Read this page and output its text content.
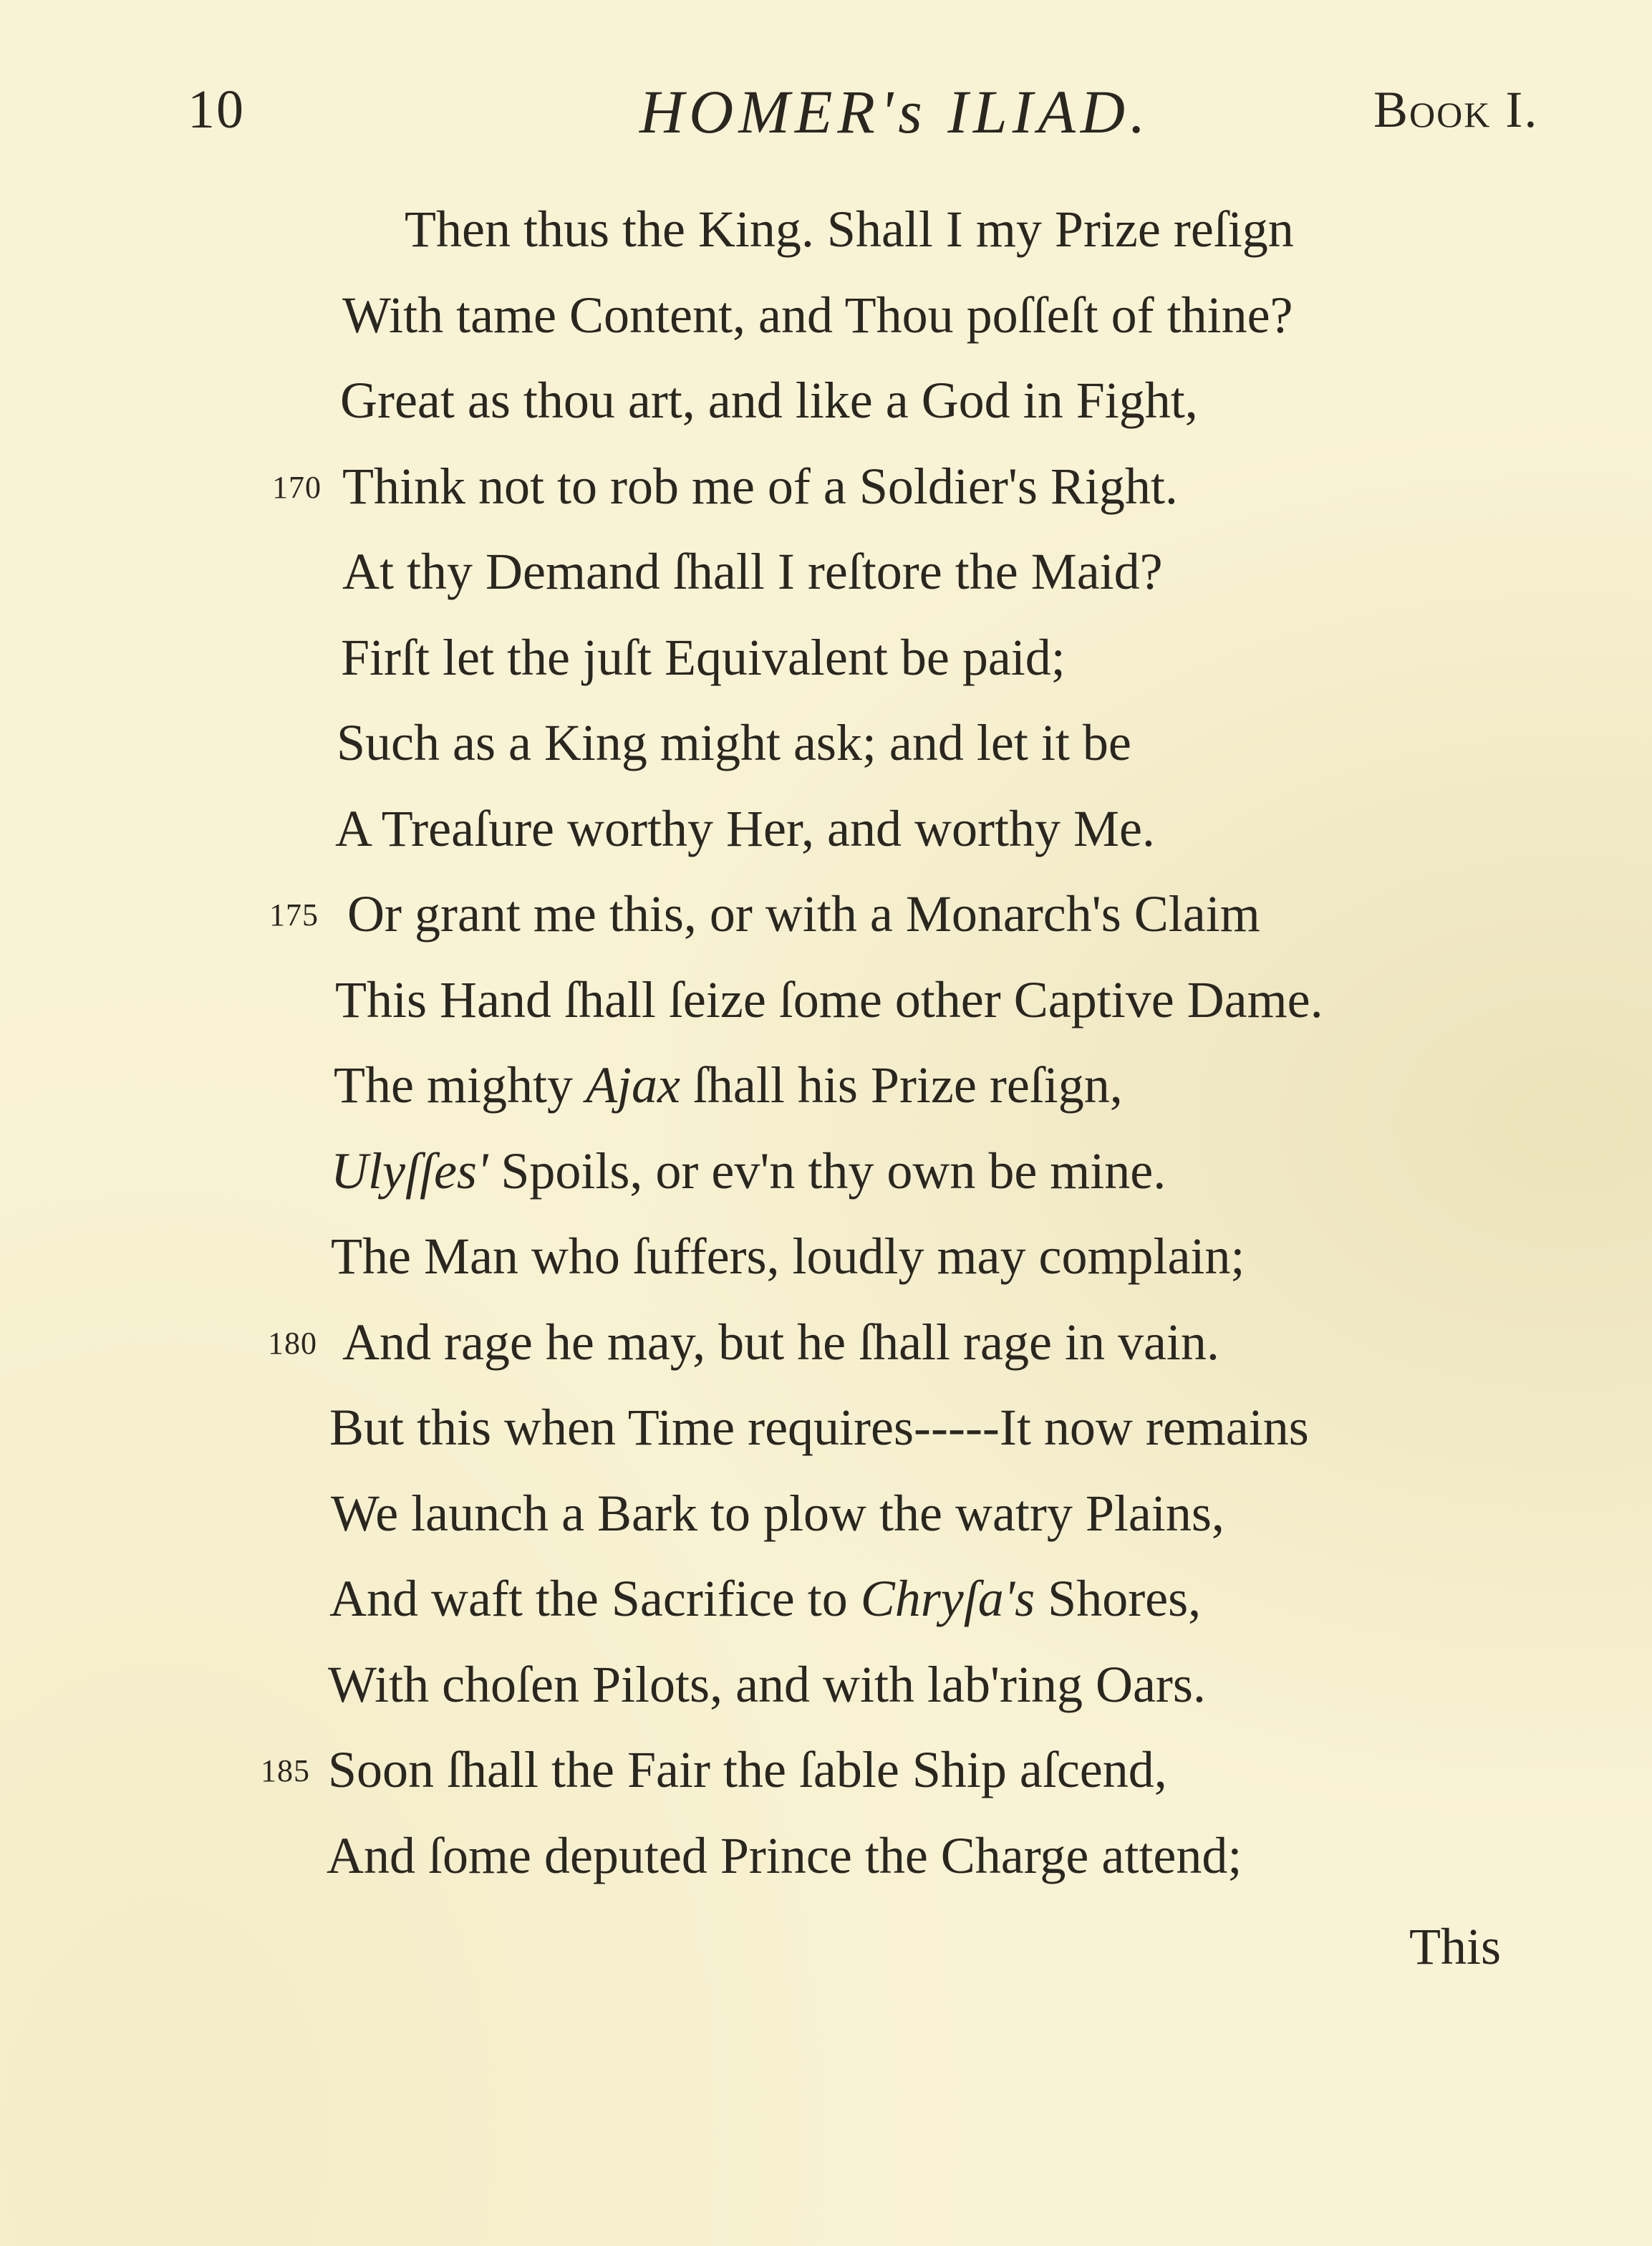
10	HOMER's ILIAD.	Book I.
Then thus the King. Shall I my Prize reſign
With tame Content, and Thou poſſeſt of thine?
Great as thou art, and like a God in Fight,
170 Think not to rob me of a Soldier's Right.
At thy Demand ſhall I reſtore the Maid?
Firſt let the juſt Equivalent be paid;
Such as a King might ask; and let it be
A Treaſure worthy Her, and worthy Me.
175 Or grant me this, or with a Monarch's Claim
This Hand ſhall ſeize ſome other Captive Dame.
The mighty Ajax ſhall his Prize reſign,
Ulyſſes' Spoils, or ev'n thy own be mine.
The Man who ſuffers, loudly may complain;
180 And rage he may, but he ſhall rage in vain.
But this when Time requires-----It now remains
We launch a Bark to plow the watry Plains,
And waft the Sacrifice to Chryſa's Shores,
With choſen Pilots, and with lab'ring Oars.
185 Soon ſhall the Fair the ſable Ship aſcend,
And ſome deputed Prince the Charge attend;
This
